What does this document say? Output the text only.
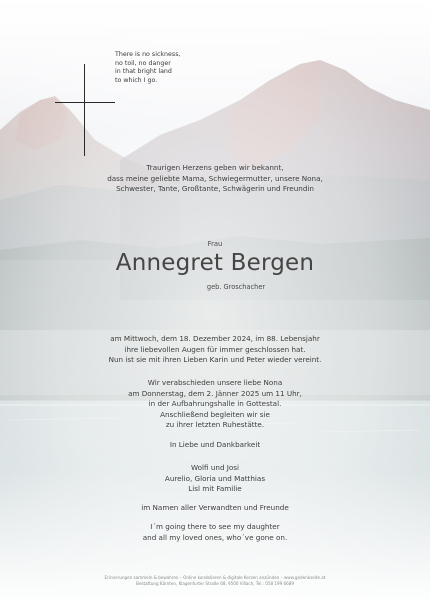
There is no sickness,
no toil, no danger
in that bright land
to which I go.
Traurigen Herzens geben wir bekannt,
dass meine geliebte Mama, Schwiegermutter, unsere Nona,
Schwester, Tante, Großtante, Schwägerin und Freundin
Frau
Annegret Bergen
geb. Groschacher
am Mittwoch, dem 18. Dezember 2024, im 88. Lebensjahr
ihre liebevollen Augen für immer geschlossen hat.
Nun ist sie mit ihren Lieben Karin und Peter wieder vereint.
Wir verabschieden unsere liebe Nona
am Donnerstag, dem 2. Jänner 2025 um 11 Uhr,
in der Aufbahrungshalle in Gottestal.
Anschließend begleiten wir sie
zu ihrer letzten Ruhestätte.
In Liebe und Dankbarkeit
Wolfi und Josi
Aurelio, Gloria und Matthias
Lisl mit Familie
im Namen aller Verwandten und Freunde
I´m going there to see my daughter
and all my loved ones, who´ve gone on.
Erinnerungen sammeln & bewahren – Online kondolieren & digitale Kerzen anzünden – www.gedenkseite.at
Bestattung Kärnten, Klagenfurter Straße 68, 9500 Villach, Tel.: 058 199 6689
